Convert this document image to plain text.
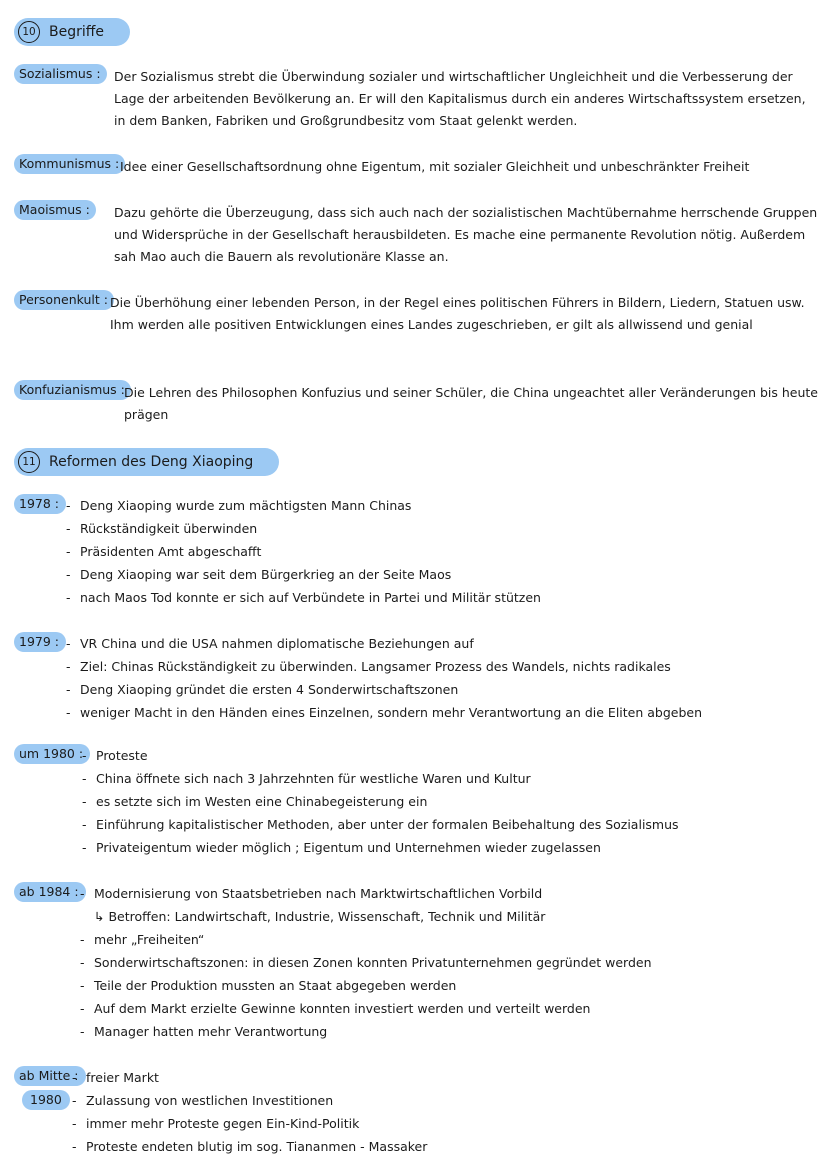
10 Begriffe
Sozialismus :	Der Sozialismus strebt die Überwindung sozialer und wirtschaftlicher Ungleichheit und die Verbesserung der Lage der arbeitenden Bevölkerung an. Er will den Kapitalismus durch ein anderes Wirtschaftssystem ersetzen, in dem Banken, Fabriken und Großgrundbesitz vom Staat gelenkt werden.
Kommunismus : Idee einer Gesellschaftsordnung ohne Eigentum, mit sozialer Gleichheit und unbeschränkter Freiheit
Maoismus :	Dazu gehörte die Überzeugung, dass sich auch nach der sozialistischen Machtübernahme herrschende Gruppen und Widersprüche in der Gesellschaft herausbildeten. Es mache eine permanente Revolution nötig. Außerdem sah Mao auch die Bauern als revolutionäre Klasse an.
Personenkult : Die Überhöhung einer lebenden Person, in der Regel eines politischen Führers in Bildern, Liedern, Statuen usw. Ihm werden alle positiven Entwicklungen eines Landes zugeschrieben, er gilt als allwissend und genial
Konfuzianismus : Die Lehren des Philosophen Konfuzius und seiner Schüler, die China ungeachtet aller Veränderungen bis heute prägen
11 Reformen des Deng Xiaoping
1978 :	- Deng Xiaoping wurde zum mächtigsten Mann Chinas
- Rückständigkeit überwinden
- Präsidenten Amt abgeschafft
- Deng Xiaoping war seit dem Bürgerkrieg an der Seite Maos
- nach Maos Tod konnte er sich auf Verbündete in Partei und Militär stützen
1979 :	- VR China und die USA nahmen diplomatische Beziehungen auf
- Ziel: Chinas Rückständigkeit zu überwinden. Langsamer Prozess des Wandels, nichts radikales
- Deng Xiaoping gründet die ersten 4 Sonderwirtschaftszonen
- weniger Macht in den Händen eines Einzelnen, sondern mehr Verantwortung an die Eliten abgeben
um 1980 :	- Proteste
- China öffnete sich nach 3 Jahrzehnten für westliche Waren und Kultur
- es setzte sich im Westen eine Chinabegeisterung ein
- Einführung kapitalistischer Methoden, aber unter der formalen Beibehaltung des Sozialismus
- Privateigentum wieder möglich ; Eigentum und Unternehmen wieder zugelassen
ab 1984 :	- Modernisierung von Staatsbetrieben nach Marktwirtschaftlichen Vorbild
↳ Betroffen: Landwirtschaft, Industrie, Wissenschaft, Technik und Militär
- mehr „Freiheiten“
- Sonderwirtschaftszonen: in diesen Zonen konnten Privatunternehmen gegründet werden
- Teile der Produktion mussten an Staat abgegeben werden
- Auf dem Markt erzielte Gewinne konnten investiert werden und verteilt werden
- Manager hatten mehr Verantwortung
ab Mitte :
1980
- freier Markt
- Zulassung von westlichen Investitionen
- immer mehr Proteste gegen Ein-Kind-Politik
- Proteste endeten blutig im sog. Tiananmen - Massaker
